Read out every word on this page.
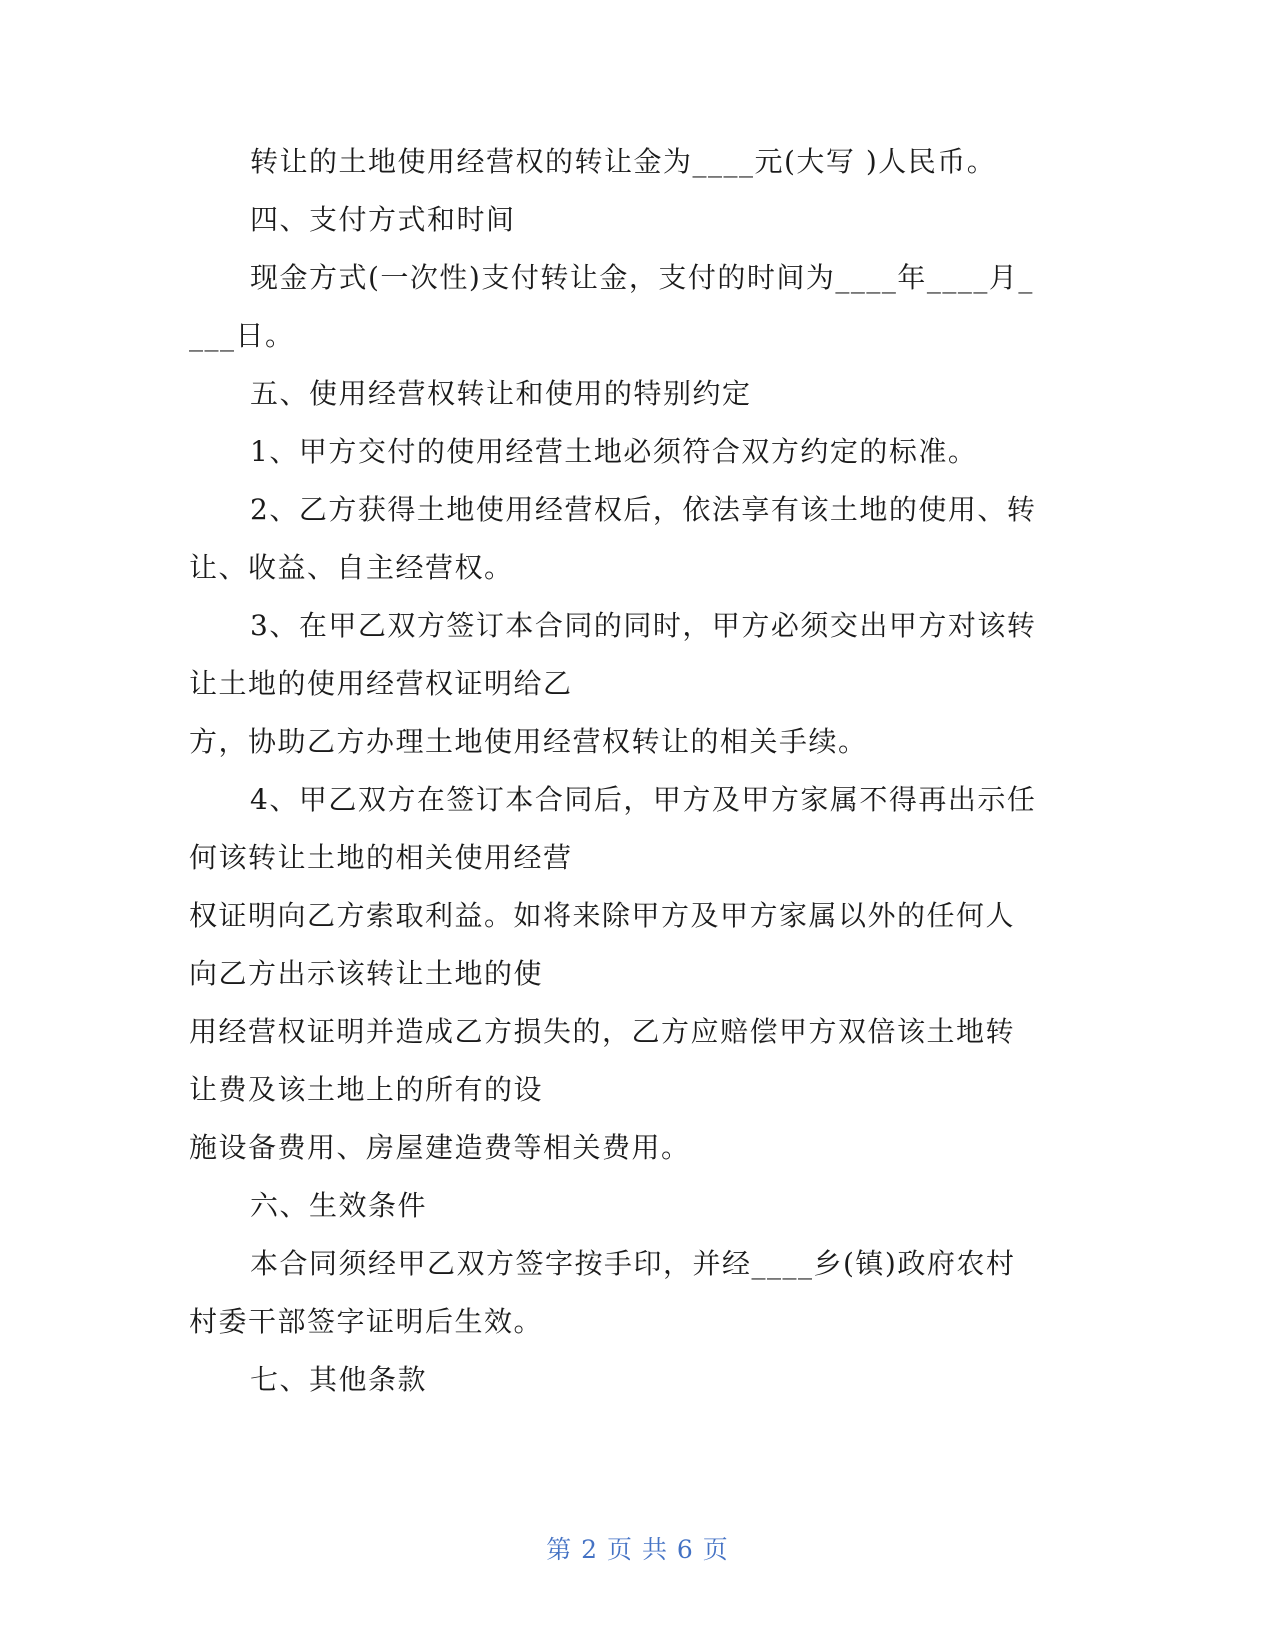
转让的土地使用经营权的转让金为____元(大写 )人民币。
四、支付方式和时间
现金方式(一次性)支付转让金，支付的时间为____年____月_
___日。
五、使用经营权转让和使用的特别约定
1、甲方交付的使用经营土地必须符合双方约定的标准。
2、乙方获得土地使用经营权后，依法享有该土地的使用、转
让、收益、自主经营权。
3、在甲乙双方签订本合同的同时，甲方必须交出甲方对该转
让土地的使用经营权证明给乙
方，协助乙方办理土地使用经营权转让的相关手续。
4、甲乙双方在签订本合同后，甲方及甲方家属不得再出示任
何该转让土地的相关使用经营
权证明向乙方索取利益。如将来除甲方及甲方家属以外的任何人
向乙方出示该转让土地的使
用经营权证明并造成乙方损失的，乙方应赔偿甲方双倍该土地转
让费及该土地上的所有的设
施设备费用、房屋建造费等相关费用。
六、生效条件
本合同须经甲乙双方签字按手印，并经____乡(镇)政府农村
村委干部签字证明后生效。
七、其他条款
第 2 页 共 6 页
